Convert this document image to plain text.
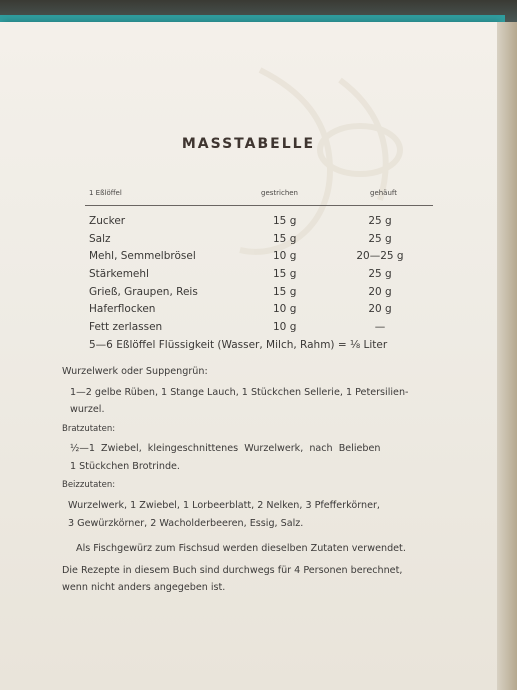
MASSTABELLE
1 Eßlöffel	gestrichen	gehäuft
Zucker	15 g	25 g
Salz	15 g	25 g
Mehl, Semmelbrösel	10 g	20—25 g
Stärkemehl	15 g	25 g
Grieß, Graupen, Reis	15 g	20 g
Haferflocken	10 g	20 g
Fett zerlassen	10 g	—
5—6 Eßlöffel Flüssigkeit (Wasser, Milch, Rahm) = ⅛ Liter
Wurzelwerk oder Suppengrün:
1—2 gelbe Rüben, 1 Stange Lauch, 1 Stückchen Sellerie, 1 Petersilien-
wurzel.
Bratzutaten:
½—1 Zwiebel, kleingeschnittenes Wurzelwerk, nach Belieben
1 Stückchen Brotrinde.
Beizzutaten:
Wurzelwerk, 1 Zwiebel, 1 Lorbeerblatt, 2 Nelken, 3 Pfefferkörner,
3 Gewürzkörner, 2 Wacholderbeeren, Essig, Salz.
Als Fischgewürz zum Fischsud werden dieselben Zutaten verwendet.
Die Rezepte in diesem Buch sind durchwegs für 4 Personen berechnet,
wenn nicht anders angegeben ist.
